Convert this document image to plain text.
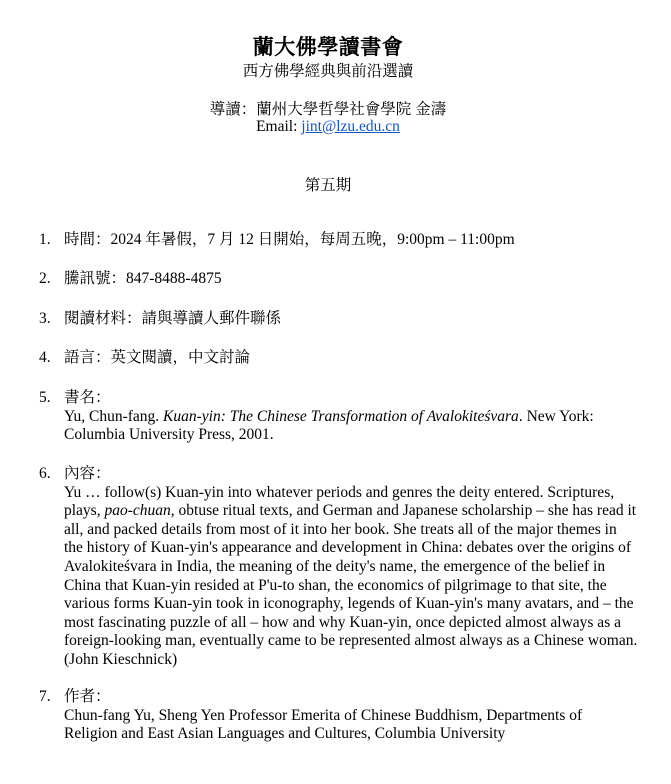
蘭大佛學讀書會
西方佛學經典與前沿選讀
導讀：蘭州大學哲學社會學院 金濤
Email: jint@lzu.edu.cn
第五期
1. 時間：2024 年暑假，7 月 12 日開始，每周五晚，9:00pm – 11:00pm
2. 騰訊號：847-8488-4875
3. 閱讀材料：請與導讀人郵件聯係
4. 語言：英文閱讀，中文討論
5. 書名：

Yu, Chun-fang. Kuan-yin: The Chinese Transformation of Avalokiteśvara. New York: Columbia University Press, 2001.

6. 內容：

Yu … follow(s) Kuan-yin into whatever periods and genres the deity entered. Scriptures, plays, pao-chuan, obtuse ritual texts, and German and Japanese scholarship – she has read it all, and packed details from most of it into her book. She treats all of the major themes in the history of Kuan-yin's appearance and development in China: debates over the origins of Avalokiteśvara in India, the meaning of the deity's name, the emergence of the belief in China that Kuan-yin resided at P'u-to shan, the economics of pilgrimage to that site, the various forms Kuan-yin took in iconography, legends of Kuan-yin's many avatars, and – the most fascinating puzzle of all – how and why Kuan-yin, once depicted almost always as a foreign-looking man, eventually came to be represented almost always as a Chinese woman. (John Kieschnick)

7. 作者：

Chun-fang Yu, Sheng Yen Professor Emerita of Chinese Buddhism, Departments of Religion and East Asian Languages and Cultures, Columbia University
